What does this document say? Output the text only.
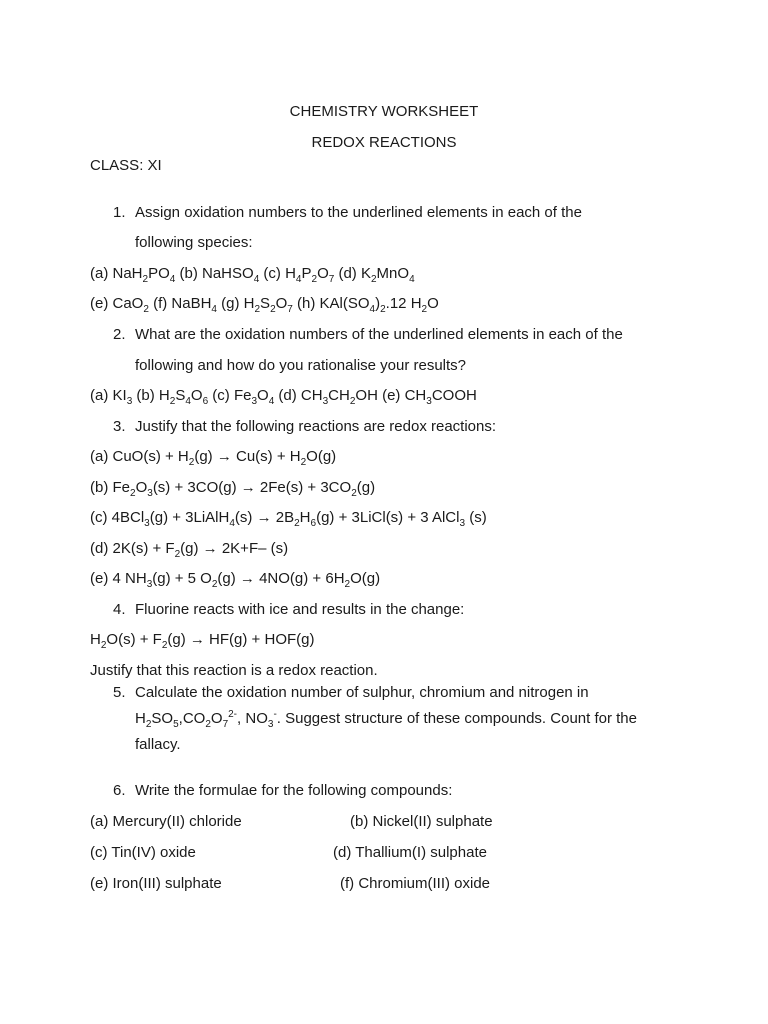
CHEMISTRY WORKSHEET
REDOX REACTIONS
CLASS: XI
1. Assign oxidation numbers to the underlined elements in each of the
following species:
(a) $NaH_2PO_4$ (b) NaHSO$_4$ (c) $H_4P_2O_7$ (d) $K_2MnO_4$
(e) CaO$_2$ (f) NaBH$_4$ (g) $H_2S_2O_7$ (h) $KAl(SO_4)_2.12$ $H_2O$
2. What are the oxidation numbers of the underlined elements in each of the
following and how do you rationalise your results?
(a) $KI_3$ (b) $H_2S_4O_6$ (c) $Fe_3O_4$ (d) $CH_3CH_2OH$ (e) $CH_3COOH$
3. Justify that the following reactions are redox reactions:
(a) $CuO(s) + H_2(g) \to Cu(s) + H_2O(g)$
(b) $Fe_2O_3(s) + 3CO(g) \to 2Fe(s) + 3CO_2(g)$
(c) 4BCl$_3$(g) + 3LiAlH$_4$(s) → $2B_2H_6(g)$ + 3LiCl(s) + 3 AlCl$_3$ (s)
(d) $2K(s) + F_2(g) \to 2K+F-$ (s)
(e) 4 $NH_3(g) + 5$ $O_2(g) \to 4NO(g) + 6H_2O(g)$
4. Fluorine reacts with ice and results in the change:
$H_2O(s) + F_2(g) \to HF(g) + HOF(g)$
Justify that this reaction is a redox reaction.
5. Calculate the oxidation number of sulphur, chromium and nitrogen in
$H_2SO_5,CO_2O_7^{2-}$, $NO_3^-$. Suggest structure of these compounds. Count for the
fallacy.
6. Write the formulae for the following compounds:
(a) Mercury(II) chloride	(b) Nickel(II) sulphate
(c) Tin(IV) oxide	(d) Thallium(I) sulphate
(e) Iron(III) sulphate	(f) Chromium(III) oxide
